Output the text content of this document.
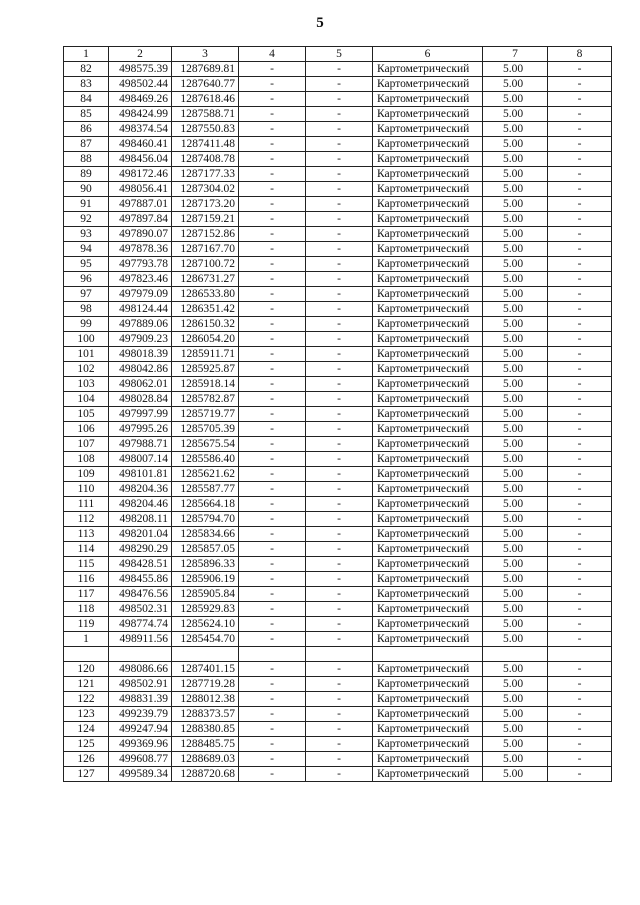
5
1	2	3	4	5	6	7	8
82	498575.39	1287689.81	-	-	Картометрический	5.00	-
83	498502.44	1287640.77	-	-	Картометрический	5.00	-
84	498469.26	1287618.46	-	-	Картометрический	5.00	-
85	498424.99	1287588.71	-	-	Картометрический	5.00	-
86	498374.54	1287550.83	-	-	Картометрический	5.00	-
87	498460.41	1287411.48	-	-	Картометрический	5.00	-
88	498456.04	1287408.78	-	-	Картометрический	5.00	-
89	498172.46	1287177.33	-	-	Картометрический	5.00	-
90	498056.41	1287304.02	-	-	Картометрический	5.00	-
91	497887.01	1287173.20	-	-	Картометрический	5.00	-
92	497897.84	1287159.21	-	-	Картометрический	5.00	-
93	497890.07	1287152.86	-	-	Картометрический	5.00	-
94	497878.36	1287167.70	-	-	Картометрический	5.00	-
95	497793.78	1287100.72	-	-	Картометрический	5.00	-
96	497823.46	1286731.27	-	-	Картометрический	5.00	-
97	497979.09	1286533.80	-	-	Картометрический	5.00	-
98	498124.44	1286351.42	-	-	Картометрический	5.00	-
99	497889.06	1286150.32	-	-	Картометрический	5.00	-
100	497909.23	1286054.20	-	-	Картометрический	5.00	-
101	498018.39	1285911.71	-	-	Картометрический	5.00	-
102	498042.86	1285925.87	-	-	Картометрический	5.00	-
103	498062.01	1285918.14	-	-	Картометрический	5.00	-
104	498028.84	1285782.87	-	-	Картометрический	5.00	-
105	497997.99	1285719.77	-	-	Картометрический	5.00	-
106	497995.26	1285705.39	-	-	Картометрический	5.00	-
107	497988.71	1285675.54	-	-	Картометрический	5.00	-
108	498007.14	1285586.40	-	-	Картометрический	5.00	-
109	498101.81	1285621.62	-	-	Картометрический	5.00	-
110	498204.36	1285587.77	-	-	Картометрический	5.00	-
111	498204.46	1285664.18	-	-	Картометрический	5.00	-
112	498208.11	1285794.70	-	-	Картометрический	5.00	-
113	498201.04	1285834.66	-	-	Картометрический	5.00	-
114	498290.29	1285857.05	-	-	Картометрический	5.00	-
115	498428.51	1285896.33	-	-	Картометрический	5.00	-
116	498455.86	1285906.19	-	-	Картометрический	5.00	-
117	498476.56	1285905.84	-	-	Картометрический	5.00	-
118	498502.31	1285929.83	-	-	Картометрический	5.00	-
119	498774.74	1285624.10	-	-	Картометрический	5.00	-
1	498911.56	1285454.70	-	-	Картометрический	5.00	-

120	498086.66	1287401.15	-	-	Картометрический	5.00	-
121	498502.91	1287719.28	-	-	Картометрический	5.00	-
122	498831.39	1288012.38	-	-	Картометрический	5.00	-
123	499239.79	1288373.57	-	-	Картометрический	5.00	-
124	499247.94	1288380.85	-	-	Картометрический	5.00	-
125	499369.96	1288485.75	-	-	Картометрический	5.00	-
126	499608.77	1288689.03	-	-	Картометрический	5.00	-
127	499589.34	1288720.68	-	-	Картометрический	5.00	-
